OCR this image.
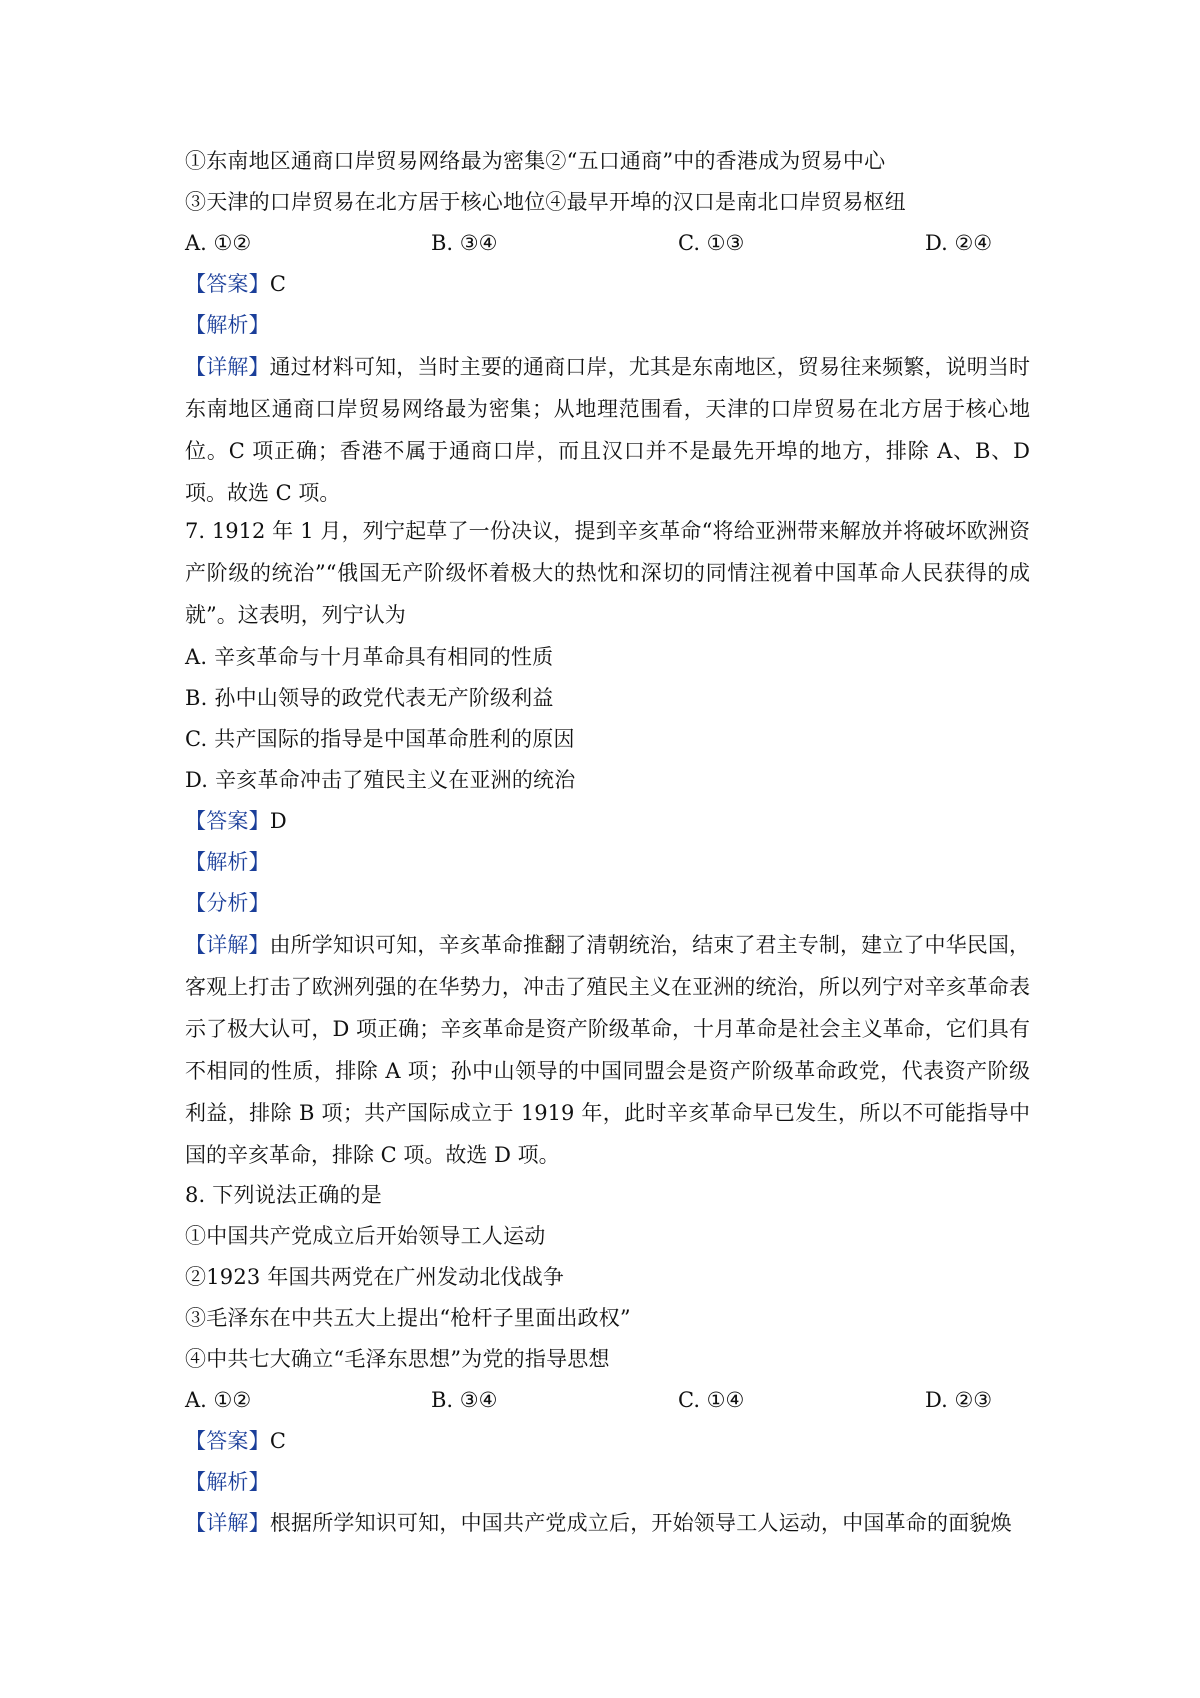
①东南地区通商口岸贸易网络最为密集②“五口通商”中的香港成为贸易中心
③天津的口岸贸易在北方居于核心地位④最早开埠的汉口是南北口岸贸易枢纽
A. ①②	B. ③④	C. ①③	D. ②④
【答案】C
【解析】
【详解】通过材料可知，当时主要的通商口岸，尤其是东南地区，贸易往来频繁，说明当时东南地区通商口岸贸易网络最为密集；从地理范围看，天津的口岸贸易在北方居于核心地位。C 项正确；香港不属于通商口岸，而且汉口并不是最先开埠的地方，排除 A、B、D 项。故选 C 项。
7. 1912 年 1 月，列宁起草了一份决议，提到辛亥革命“将给亚洲带来解放并将破坏欧洲资产阶级的统治”“俄国无产阶级怀着极大的热忱和深切的同情注视着中国革命人民获得的成就”。这表明，列宁认为
A. 辛亥革命与十月革命具有相同的性质
B. 孙中山领导的政党代表无产阶级利益
C. 共产国际的指导是中国革命胜利的原因
D. 辛亥革命冲击了殖民主义在亚洲的统治
【答案】D
【解析】
【分析】
【详解】由所学知识可知，辛亥革命推翻了清朝统治，结束了君主专制，建立了中华民国，客观上打击了欧洲列强的在华势力，冲击了殖民主义在亚洲的统治，所以列宁对辛亥革命表示了极大认可，D 项正确；辛亥革命是资产阶级革命，十月革命是社会主义革命，它们具有不相同的性质，排除 A 项；孙中山领导的中国同盟会是资产阶级革命政党，代表资产阶级利益，排除 B 项；共产国际成立于 1919 年，此时辛亥革命早已发生，所以不可能指导中国的辛亥革命，排除 C 项。故选 D 项。
8. 下列说法正确的是
①中国共产党成立后开始领导工人运动
②1923 年国共两党在广州发动北伐战争
③毛泽东在中共五大上提出“枪杆子里面出政权”
④中共七大确立“毛泽东思想”为党的指导思想
A. ①②	B. ③④	C. ①④	D. ②③
【答案】C
【解析】
【详解】根据所学知识可知，中国共产党成立后，开始领导工人运动，中国革命的面貌焕
